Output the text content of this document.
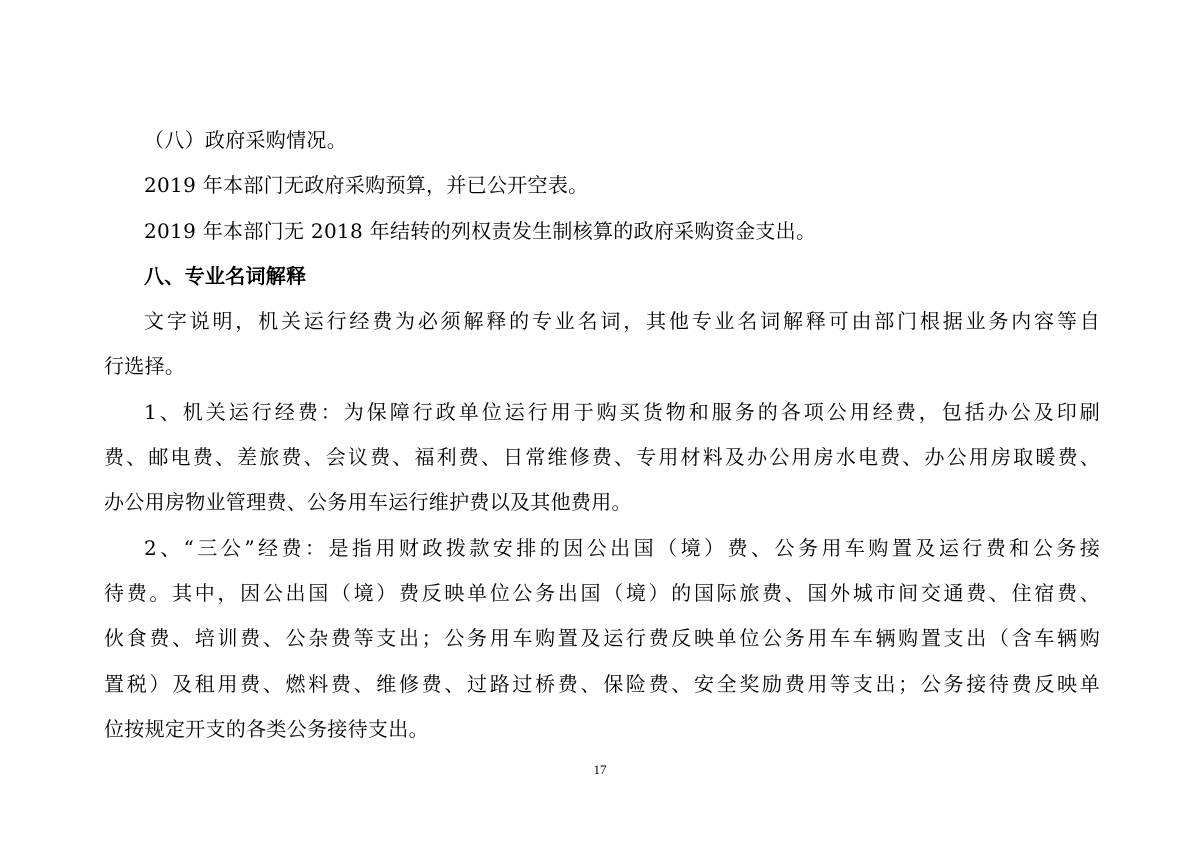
（八）政府采购情况。
2019 年本部门无政府采购预算，并已公开空表。
2019 年本部门无 2018 年结转的列权责发生制核算的政府采购资金支出。
八、专业名词解释
文字说明，机关运行经费为必须解释的专业名词，其他专业名词解释可由部门根据业务内容等自
行选择。
1、机关运行经费：为保障行政单位运行用于购买货物和服务的各项公用经费，包括办公及印刷
费、邮电费、差旅费、会议费、福利费、日常维修费、专用材料及办公用房水电费、办公用房取暖费、
办公用房物业管理费、公务用车运行维护费以及其他费用。
2、“三公”经费：是指用财政拨款安排的因公出国（境）费、公务用车购置及运行费和公务接
待费。其中，因公出国（境）费反映单位公务出国（境）的国际旅费、国外城市间交通费、住宿费、
伙食费、培训费、公杂费等支出；公务用车购置及运行费反映单位公务用车车辆购置支出（含车辆购
置税）及租用费、燃料费、维修费、过路过桥费、保险费、安全奖励费用等支出；公务接待费反映单
位按规定开支的各类公务接待支出。
17
